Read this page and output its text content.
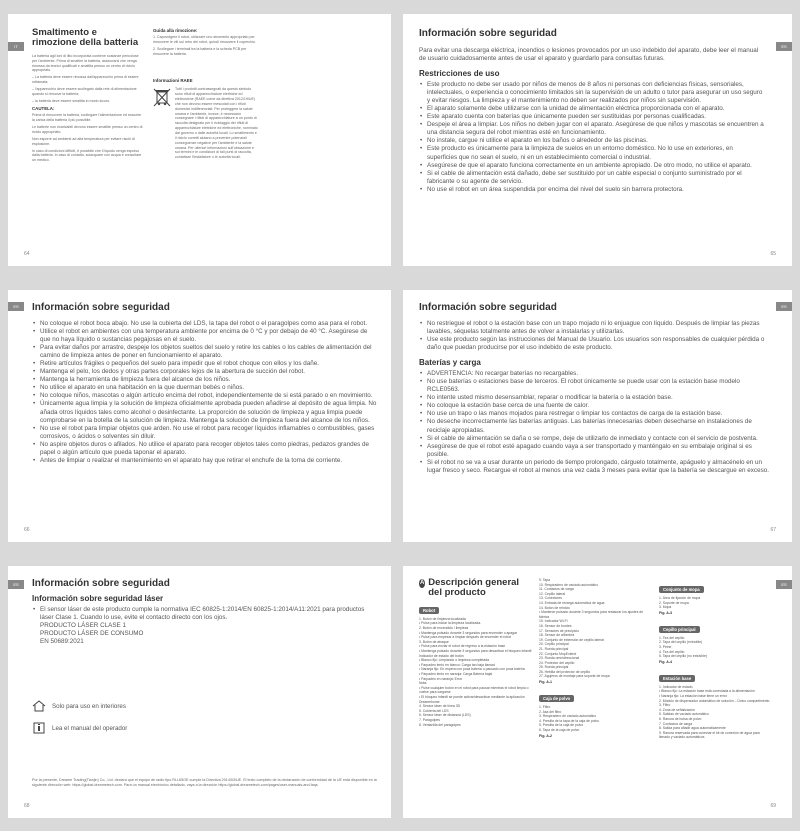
IT
Smaltimento e rimozione della batteria

La batteria agli ioni di litio incorporata contiene sostanze pericolose per l'ambiente. Prima di smaltire la batteria, assicurarsi che venga rimossa da tecnici qualificati e smaltita presso un centro di riciclo appropriato.

– La batteria deve essere rimossa dall'apparecchio prima di essere rottamata;

– l'apparecchio deve essere scollegato dalla rete di alimentazione quando si rimuove la batteria;

– la batteria deve essere smaltita in modo sicuro.

CAUTELA:

Prima di rimuovere la batteria, scollegare l'alimentazione ed esaurire la carica della batteria il più possibile.

Le batterie non ricaricabili devono essere smaltite presso un centro di riciclo appropriato.

Non esporre ad ambienti ad alta temperatura per evitare rischi di esplosione.

In caso di condizioni difficili, è possibile che il liquido venga espulso dalla batteria. In caso di contatto, sciacquare con acqua e consultare un medico.

Guida alla rimozione:

1. Capovolgere il robot, utilizzare uno strumento appropriato per rimuovere le viti sul retro del robot, quindi rimuovere il coperchio.

2. Scollegare i terminali tra la batteria e la scheda PCB per rimuovere la batteria.

Informazioni RAEE
Tutti i prodotti contrassegnati da questo simbolo sono rifiuti di apparecchiature elettriche ed elettroniche (RAEE come da direttiva 2012/19/UE) che non devono essere mescolati con i rifiuti domestici indifferenziati. Per proteggere la salute umana e l'ambiente, invece, è necessario consegnare i rifiuti di apparecchiature a un punto di raccolta designato per il riciclaggio dei rifiuti di apparecchiature elettriche ed elettroniche, nominato dal governo o dalle autorità locali. Lo smaltimento e il riciclo corretti aiutano a prevenire potenziali conseguenze negative per l'ambiente e la salute umana. Per ulteriori informazioni sull'ubicazione e sui termini e le condizioni di tali punti di raccolta, contattare l'installatore o le autorità locali.
64
ES
Información sobre seguridad
Para evitar una descarga eléctrica, incendios o lesiones provocados por un uso indebido del aparato, debe leer el manual de usuario cuidadosamente antes de usar el aparato y guardarlo para consultas futuras.
Restricciones de uso
• Este producto no debe ser usado por niños de menos de 8 años ni personas con deficiencias físicas, sensoriales, intelectuales, o experiencia o conocimiento limitados sin la supervisión de un adulto o tutor para asegurar un uso seguro y evitar riesgos. La limpieza y el mantenimiento no deben ser realizados por niños sin supervisión.
• El aparato solamente debe utilizarse con la unidad de alimentación eléctrica proporcionada con el aparato.
• Este aparato cuenta con baterías que únicamente pueden ser sustituidas por personas cualificadas.
• Despeje el área a limpiar. Los niños no deben jugar con el aparato. Asegúrese de que niños y mascotas se encuentren a una distancia segura del robot mientras esté en funcionamiento.
• No instale, cargue ni utilice el aparato en los baños o alrededor de las piscinas.
• Este producto es únicamente para la limpieza de suelos en un entorno doméstico. No lo use en exteriores, en superficies que no sean el suelo, ni en un establecimiento comercial o industrial.
• Asegúrese de que el aparato funciona correctamente en un ambiente apropiado. De otro modo, no utilice el aparato.
• Si el cable de alimentación está dañado, debe ser sustituido por un cable especial o conjunto suministrado por el fabricante o su agente de servicio.
• No use el robot en un área suspendida por encima del nivel del suelo sin barrera protectora.
65
ES	Información sobre seguridad
• No coloque el robot boca abajo. No use la cubierta del LDS, la tapa del robot o el paragolpes como asa para el robot.
• Utilice el robot en ambientes con una temperatura ambiente por encima de 0 °C y por debajo de 40 °C. Asegúrese de que no haya líquido o sustancias pegajosas en el suelo.
• Para evitar daños por arrastre, despeje los objetos sueltos del suelo y retire los cables o los cables de alimentación del camino de limpieza antes de poner en funcionamiento el aparato.
• Retire artículos frágiles o pequeños del suelo para impedir que el robot choque con ellos y los dañe.
• Mantenga el pelo, los dedos y otras partes corporales lejos de la abertura de succión del robot.
• Mantenga la herramienta de limpieza fuera del alcance de los niños.
• No utilice el aparato en una habitación en la que duerman bebés o niños.
• No coloque niños, mascotas o algún artículo encima del robot, independientemente de si está parado o en movimiento.
• Únicamente agua limpia y la solución de limpieza oficialmente aprobada pueden añadirse al depósito de agua limpia. No añada otros líquidos tales como alcohol o desinfectante. La proporción de solución de limpieza y agua limpia puede comprobarse en la botella de la solución de limpieza. Mantenga la solución de limpieza fuera del alcance de los niños.
• No use el robot para limpiar objetos que arden. No use el robot para recoger líquidos inflamables o combustibles, gases corrosivos, o ácidos o solventes sin diluir.
• No aspire objetos duros o afilados. No utilice el aparato para recoger objetos tales como piedras, pedazos grandes de papel o algún artículo que pueda taponar el aparato.
• Antes de limpiar o realizar el mantenimiento en el aparato hay que retirar el enchufe de la toma de corriente.
66
ES
Información sobre seguridad
• No restriegue el robot o la estación base con un trapo mojado ni lo enjuague con líquido. Después de limpiar las piezas lavables, séquelas totalmente antes de volver a instalarlas y utilizarlas.
• Use este producto según las instrucciones del Manual de Usuario. Los usuarios son responsables de cualquier pérdida o daño que puedan producirse por el uso indebido de este producto.
Baterías y carga
• ADVERTENCIA: No recargar baterías no recargables.
• No use baterías o estaciones base de terceros. El robot únicamente se puede usar con la estación base modelo RCLE0563.
• No intente usted mismo desensamblar, reparar o modificar la batería o la estación base.
• No coloque la estación base cerca de una fuente de calor.
• No use un trapo o las manos mojados para restregar o limpiar los contactos de carga de la estación base.
• No deseche incorrectamente las baterías antiguas. Las baterías innecesarias deben desecharse en instalaciones de reciclaje apropiadas.
• Si el cable de alimentación se daña o se rompe, deje de utilizarlo de inmediato y contacte con el servicio de postventa.
• Asegúrese de que el robot esté apagado cuando vaya a ser transportado y manténgalo en su embalaje original si es posible.
• Si el robot no se va a usar durante un periodo de tiempo prolongado, cárguelo totalmente, apáguelo y almacénelo en un lugar fresco y seco. Recargue el robot al menos una vez cada 3 meses para evitar que la batería se descargue en exceso.
67
ES	Información sobre seguridad
Información sobre seguridad láser
• El sensor láser de este producto cumple la normativa IEC 60825-1:2014/EN 60825-1:2014/A11:2021 para productos láser Clase 1. Cuando lo use, evite el contacto directo con los ojos.
PRODUCTO LÁSER CLASE 1
PRODUCTO LÁSER DE CONSUMO
EN 50689:2021
Solo para uso en interiores
Lea el manual del operador
Por la presente, Dreame Trading(Tianjin) Co., Ltd. declara que el equipo de radio tipo RLL65GE cumple la Directiva 2014/53/UE. El texto completo de la declaración de conformidad de la UE está disponible en la siguiente dirección web: https://global.dreametech.com. Para un manual electrónico detallado, vaya a la dirección https://global.dreametech.com/pages/user-manuals-and-faqs
68
ES
A Descripción general del producto
Robot
1. Botón de limpieza localizada
• Pulse para iniciar la limpieza localizada.
2. Botón de encendido / limpieza
• Mantenga pulsado durante 3 segundos para encender o apagar
• Pulse para empezar a limpiar después de encender el robot
3. Botón de atraque
• Pulse para enviar el robot de regreso a la estación base
• Mantenga pulsado durante 3 segundos para desactivar el bloqueo infantil
Indicador de estado del botón
• Blanco fijo: Limpiando o limpieza completada
• Parpadeo lento en blanco: Carga tan baja llamad
• Naranja fijo: En espera con poca batería o pausado con poca batería
• Parpadeo lento en naranja: Carga Batería bajal
• Parpadeo en naranja: Error
Nota:
• Pulse cualquier botón en el robot para pausar mientras el robot limpia o vuelve para cargarse
• El bloqueo infantil se puede activar/desactivar mediante la aplicación Dreamehome.
4. Sensor láser de línea 3D
5. Cubierta del LDS
6. Sensor láser de distancia (LDS)
7. Paragolpes
8. Ventanilla del paragolpes
9. Tapa
10. Respiradero de vaciado automático
11. Contactos de carga
12. Cepillo lateral
13. Conectores
14. Entrada de recarga automática de agua
14. Botón de reinicio
• Mantener pulsado durante 3 segundos para restaurar los ajustes de fábrica
15. Indicador Wi-Fi
16. Sensor de bordes
17. Sensores de precipicio
18. Sensor de alfombra
19. Conjunto de extensión de cepillo lateral
20. Cepillo principal
21. Rueda principal
22. Conjunto MopExtend
23. Rueda omnidireccional
24. Protector del cepillo
25. Rueda principal
26. Hebilla del protector de cepillo
27. Agujeros de montaje para soporte de mopa
Fig. A-1
Caja de polvo
1. Filtro
2. Asa del filtro
3. Respiradero de vaciado automático
4. Presilla de la tapa de la caja de polvo
5. Presilla de la caja de polvo
6. Tapa de la caja de polvo
Fig. A-2
Conjunto de mopa
1. Área de fijación de mopa
2. Soporte de mopa
3. Mopa
Fig. A-3
Cepillo principal
1. Tira del cepillo
2. Tapa del cepillo (extraíble)
3. Peine
4. Tira del cepillo
5. Tapa del cepillo (no extraíble)
Fig. A-4
Estación base
1. Indicador de estado
• Blanco fijo: La estación base está conectada a la alimentación
• Naranja fijo: La estación base tiene un error
2. Módulo de dispensador automático de solución – Único compartimento
3. Filtro
4. Zona de señalización
5. Salidas de vaciado automático
6. Ranura de bolsa de polvo
7. Contactos de carga
8. Salida para añadir agua automáticamente
9. Ranura reservada para conectar el kit de conexión de agua para llenado y vaciado automáticos
69
